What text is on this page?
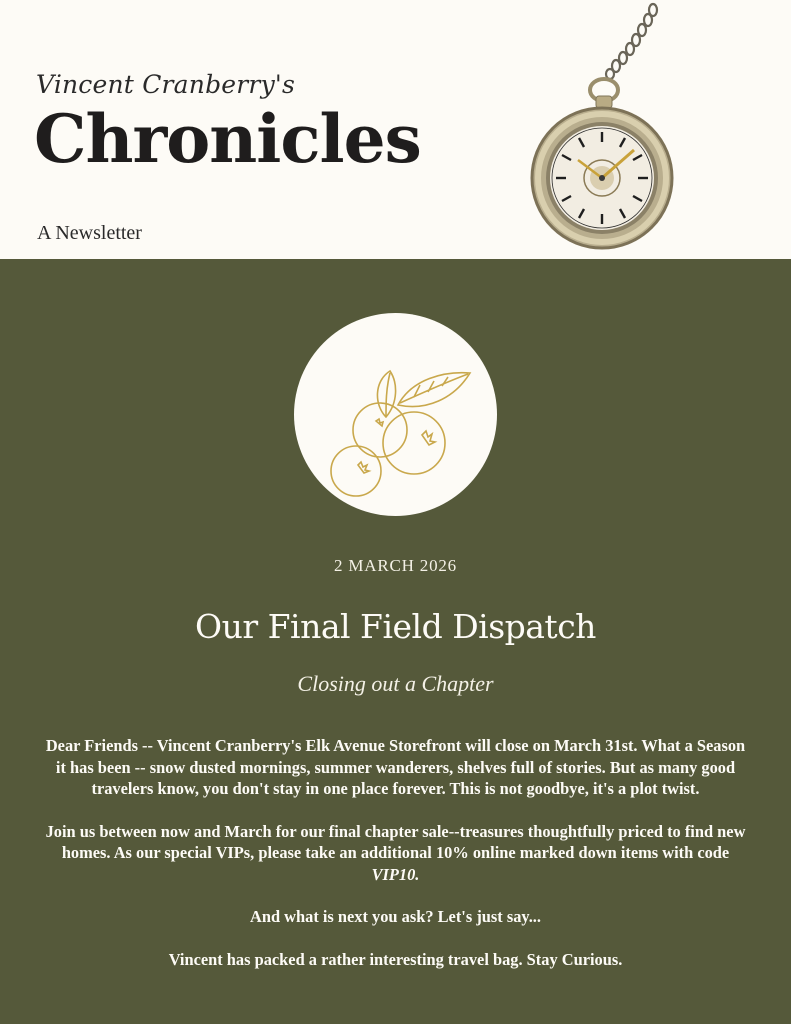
Vincent Cranberry's
Chronicles
A Newsletter
2 MARCH 2026
Our Final Field Dispatch
Closing out a Chapter

Dear Friends -- Vincent Cranberry's Elk Avenue Storefront will close on March 31st. What a Season it has been -- snow dusted mornings, summer wanderers, shelves full of stories. But as many good travelers know, you don't stay in one place forever. This is not goodbye, it's a plot twist.

Join us between now and March for our final chapter sale--treasures thoughtfully priced to find new homes. As our special VIPs, please take an additional 10% online marked down items with code VIP10.

And what is next you ask? Let's just say...

Vincent has packed a rather interesting travel bag. Stay Curious.
